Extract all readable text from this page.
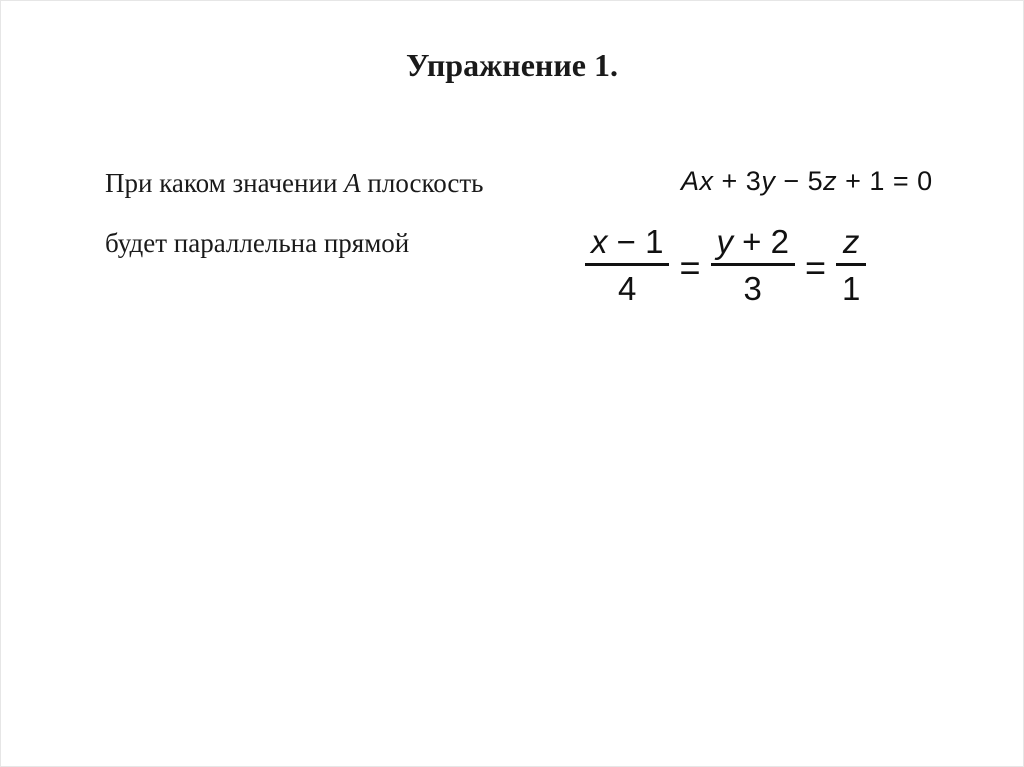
Упражнение 1.
При каком значении A плоскость
будет параллельна прямой
Ax + 3y − 5z + 1 = 0
$\frac{x - 1}{4} = \frac{y + 2}{3} = \frac{z}{1}$
